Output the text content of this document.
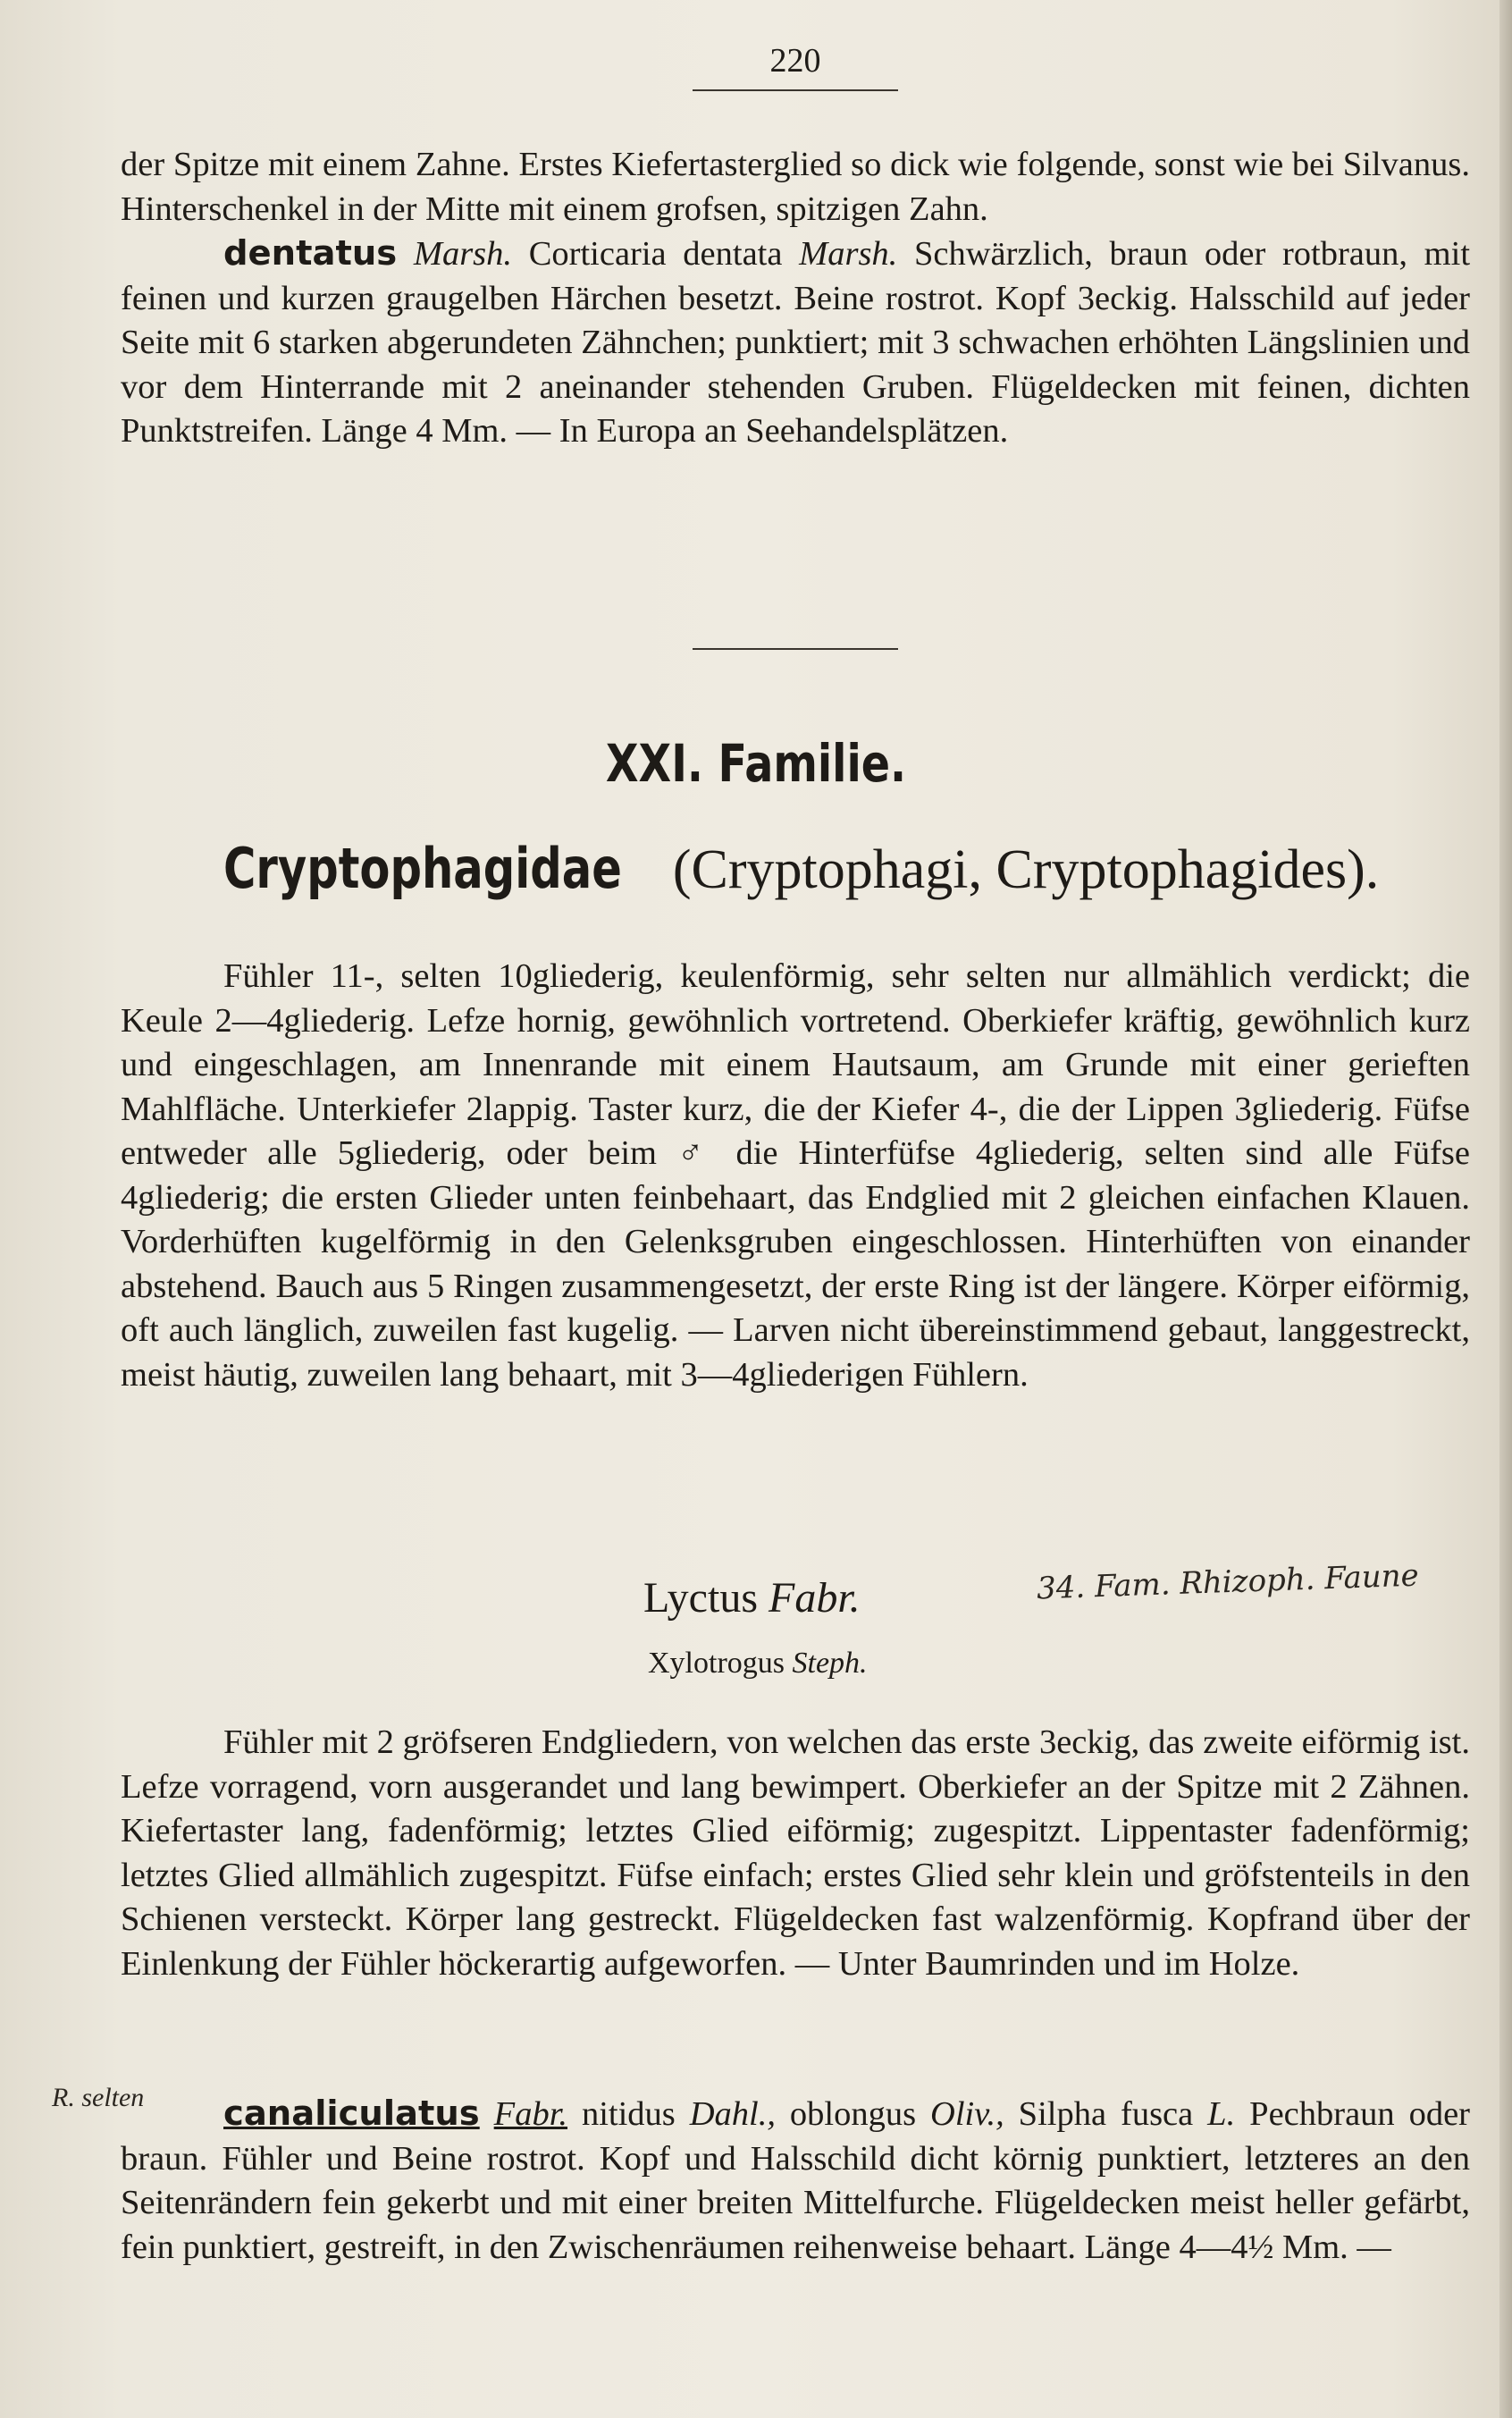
220

der Spitze mit einem Zahne. Erstes Kiefertasterglied so dick wie folgende, sonst wie bei Silvanus. Hinterschenkel in der Mitte mit einem grofsen, spitzigen Zahn.

dentatus Marsh. Corticaria dentata Marsh. Schwärzlich, braun oder rotbraun, mit feinen und kurzen graugelben Härchen besetzt. Beine rostrot. Kopf 3eckig. Halsschild auf jeder Seite mit 6 starken abgerundeten Zähnchen; punktiert; mit 3 schwachen erhöhten Längslinien und vor dem Hinterrande mit 2 aneinander stehenden Gruben. Flügeldecken mit feinen, dichten Punktstreifen. Länge 4 Mm. — In Europa an Seehandelsplätzen.

XXI. Familie.
Cryptophagidae (Cryptophagi, Cryptophagides).

Fühler 11-, selten 10gliederig, keulenförmig, sehr selten nur allmählich verdickt; die Keule 2—4gliederig. Lefze hornig, gewöhnlich vortretend. Oberkiefer kräftig, gewöhnlich kurz und eingeschlagen, am Innenrande mit einem Hautsaum, am Grunde mit einer gerieften Mahlfläche. Unterkiefer 2lappig. Taster kurz, die der Kiefer 4-, die der Lippen 3gliederig. Füfse entweder alle 5gliederig, oder beim ♂ die Hinterfüfse 4gliederig, selten sind alle Füfse 4gliederig; die ersten Glieder unten feinbehaart, das Endglied mit 2 gleichen einfachen Klauen. Vorderhüften kugelförmig in den Gelenksgruben eingeschlossen. Hinterhüften von einander abstehend. Bauch aus 5 Ringen zusammengesetzt, der erste Ring ist der längere. Körper eiförmig, oft auch länglich, zuweilen fast kugelig. — Larven nicht übereinstimmend gebaut, langgestreckt, meist häutig, zuweilen lang behaart, mit 3—4gliederigen Fühlern.

Lyctus Fabr.	34. Fam. Rhizoph. Faune
Xylotrogus Steph.

Fühler mit 2 gröfseren Endgliedern, von welchen das erste 3eckig, das zweite eiförmig ist. Lefze vorragend, vorn ausgerandet und lang bewimpert. Oberkiefer an der Spitze mit 2 Zähnen. Kiefertaster lang, fadenförmig; letztes Glied eiförmig; zugespitzt. Lippentaster fadenförmig; letztes Glied allmählich zugespitzt. Füfse einfach; erstes Glied sehr klein und gröfstenteils in den Schienen versteckt. Körper lang gestreckt. Flügeldecken fast walzenförmig. Kopfrand über der Einlenkung der Fühler höckerartig aufgeworfen. — Unter Baumrinden und im Holze.

R. selten	canaliculatus Fabr. nitidus Dahl., oblongus Oliv., Silpha fusca L. Pechbraun oder braun. Fühler und Beine rostrot. Kopf und Halsschild dicht körnig punktiert, letzteres an den Seitenrändern fein gekerbt und mit einer breiten Mittelfurche. Flügeldecken meist heller gefärbt, fein punktiert, gestreift, in den Zwischenräumen reihenweise behaart. Länge 4—4½ Mm. —
